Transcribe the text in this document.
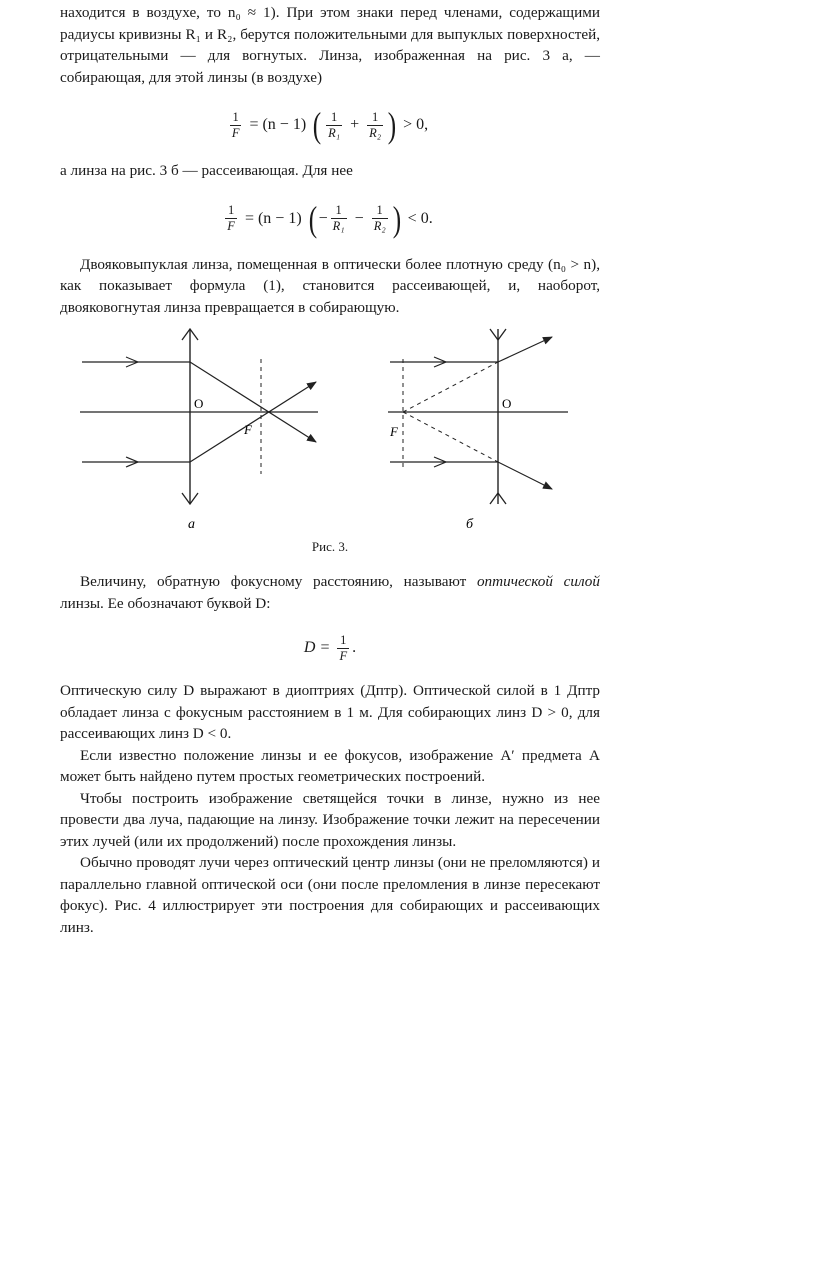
находится в воздухе, то n₀ ≈ 1). При этом знаки перед членами, содержащими радиусы кривизны R₁ и R₂, берутся положительными для выпуклых поверхностей, отрицательными — для вогнутых. Линза, изображенная на рис. 3 а, — собирающая, для этой линзы (в воздухе)

$\frac{1}{F} = (n - 1)$ ( $\frac{1}{\text{R₁}} + \frac{1}{\text{R₂}}$ ) > 0,

а линза на рис. 3 б — рассеивающая. Для нее

$\frac{1}{F} = (n - 1)$ ( − $\frac{1}{\text{R₁}} - \frac{1}{\text{R₂}}$ ) < 0.

Двояковыпуклая линза, помещенная в оптически более плотную среду (n₀ > n), как показывает формула (1), становится рассеивающей, и, наоборот, двояковогнутая линза превращается в собирающую.

O
F
а
O
F
б
Рис. 3.

Величину, обратную фокусному расстоянию, называют оптической силой линзы. Ее обозначают буквой D:

$D = \frac{1}{F}$ .

Оптическую силу D выражают в диоптриях (Дптр). Оптической силой в 1 Дптр обладает линза с фокусным расстоянием в 1 м. Для собирающих линз D > 0, для рассеивающих линз D < 0.

Если известно положение линзы и ее фокусов, изображение A′ предмета A может быть найдено путем простых геометрических построений.

Чтобы построить изображение светящейся точки в линзе, нужно из нее провести два луча, падающие на линзу. Изображение точки лежит на пересечении этих лучей (или их продолжений) после прохождения линзы.

Обычно проводят лучи через оптический центр линзы (они не преломляются) и параллельно главной оптической оси (они после преломления в линзе пересекают фокус). Рис. 4 иллюстрирует эти построения для собирающих и рассеивающих линз.
